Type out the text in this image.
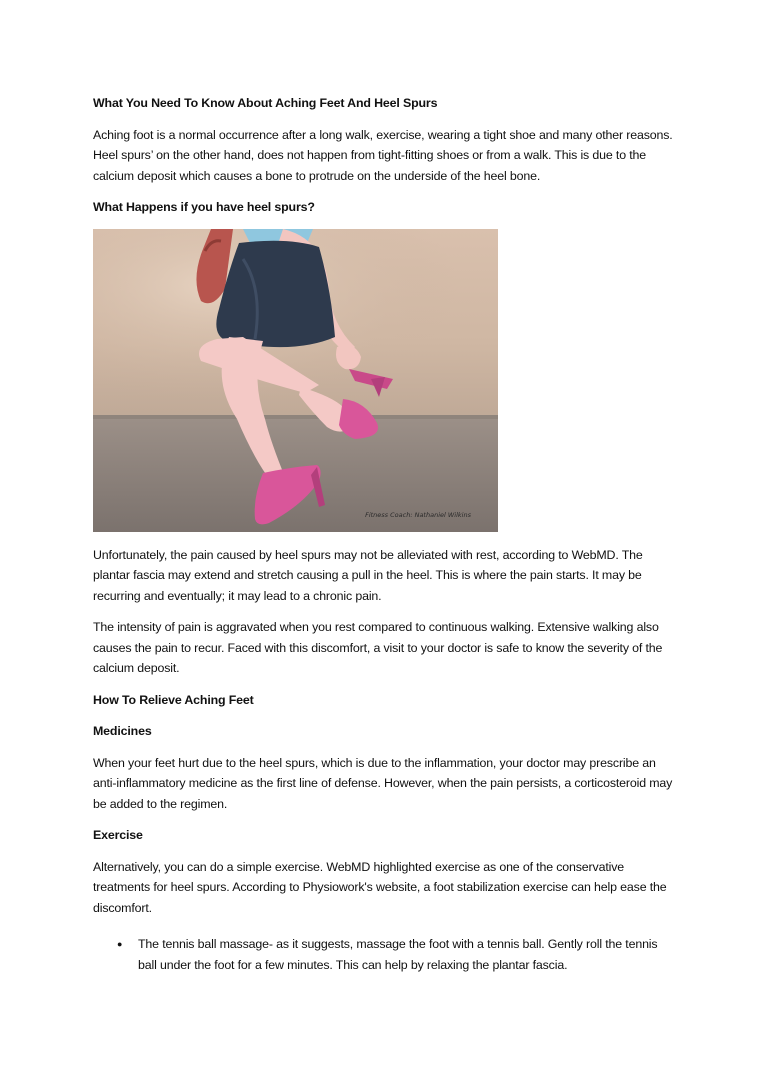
What You Need To Know About Aching Feet And Heel Spurs

Aching foot is a normal occurrence after a long walk, exercise, wearing a tight shoe and many other reasons. Heel spurs’ on the other hand, does not happen from tight-fitting shoes or from a walk. This is due to the calcium deposit which causes a bone to protrude on the underside of the heel bone.

What Happens if you have heel spurs?
Fitness Coach: Nathaniel Wilkins

Unfortunately, the pain caused by heel spurs may not be alleviated with rest, according to WebMD. The plantar fascia may extend and stretch causing a pull in the heel. This is where the pain starts. It may be recurring and eventually; it may lead to a chronic pain.

The intensity of pain is aggravated when you rest compared to continuous walking. Extensive walking also causes the pain to recur. Faced with this discomfort, a visit to your doctor is safe to know the severity of the calcium deposit.

How To Relieve Aching Feet
Medicines

When your feet hurt due to the heel spurs, which is due to the inflammation, your doctor may prescribe an anti-inflammatory medicine as the first line of defense. However, when the pain persists, a corticosteroid may be added to the regimen.

Exercise

Alternatively, you can do a simple exercise. WebMD highlighted exercise as one of the conservative treatments for heel spurs. According to Physiowork's website, a foot stabilization exercise can help ease the discomfort.

● The tennis ball massage- as it suggests, massage the foot with a tennis ball. Gently roll the tennis ball under the foot for a few minutes. This can help by relaxing the plantar fascia.
